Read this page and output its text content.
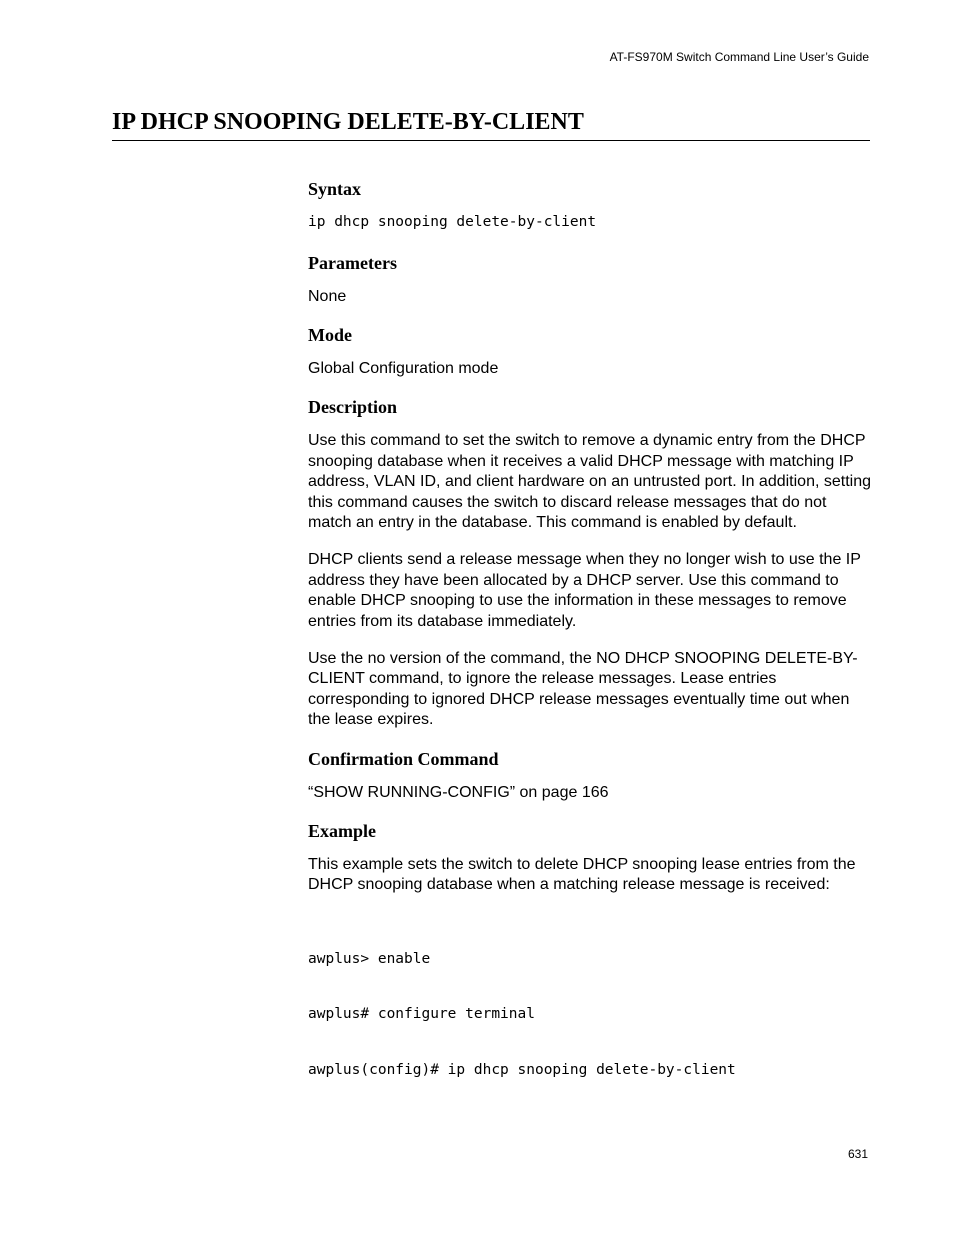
AT-FS970M Switch Command Line User’s Guide
IP DHCP SNOOPING DELETE-BY-CLIENT
Syntax
ip dhcp snooping delete-by-client
Parameters

None

Mode

Global Configuration mode

Description

Use this command to set the switch to remove a dynamic entry from the DHCP snooping database when it receives a valid DHCP message with matching IP address, VLAN ID, and client hardware on an untrusted port. In addition, setting this command causes the switch to discard release messages that do not match an entry in the database. This command is enabled by default.

DHCP clients send a release message when they no longer wish to use the IP address they have been allocated by a DHCP server. Use this command to enable DHCP snooping to use the information in these messages to remove entries from its database immediately.

Use the no version of the command, the NO DHCP SNOOPING DELETE-BY-CLIENT command, to ignore the release messages. Lease entries corresponding to ignored DHCP release messages eventually time out when the lease expires.

Confirmation Command

“SHOW RUNNING-CONFIG” on page 166

Example

This example sets the switch to delete DHCP snooping lease entries from the DHCP snooping database when a matching release message is received:

awplus> enable

awplus# configure terminal

awplus(config)# ip dhcp snooping delete-by-client

631
